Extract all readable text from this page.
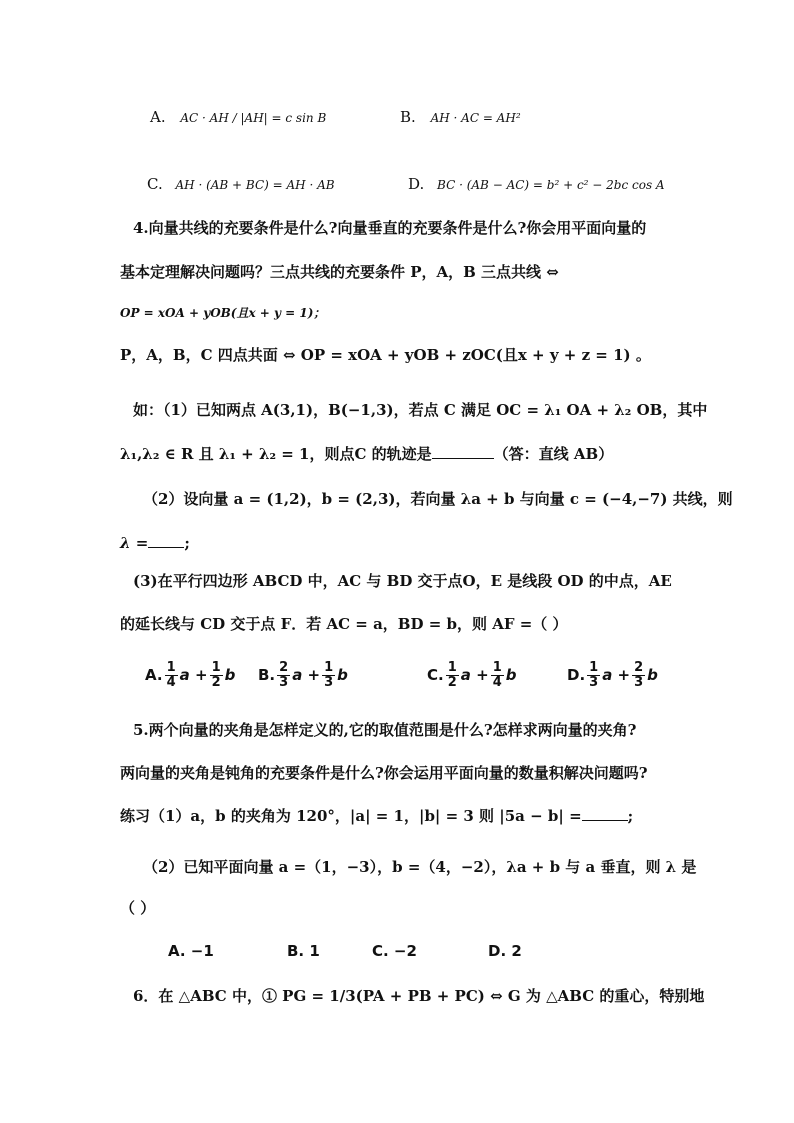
A. AC · AH / |AH| = c sin B	B. AH · AC = AH²
C. AH · (AB + BC) = AH · AB	D. BC · (AB − AC) = b² + c² − 2bc cos A
4.向量共线的充要条件是什么?向量垂直的充要条件是什么?你会用平面向量的
基本定理解决问题吗？三点共线的充要条件 P，A，B 三点共线 ⇔
OP = xOA + yOB(且x + y = 1)；
P，A，B，C 四点共面 ⇔ OP = xOA + yOB + zOC(且x + y + z = 1) 。
如：（1）已知两点 A(3,1)，B(−1,3)，若点 C 满足 OC = λ₁ OA + λ₂ OB，其中
λ₁,λ₂ ∈ R 且 λ₁ + λ₂ = 1，则点C 的轨迹是	（答：直线 AB）
（2）设向量 a = (1,2)，b = (2,3)，若向量 λa + b 与向量 c = (−4,−7) 共线，则
λ = ;
(3)在平行四边形 ABCD 中，AC 与 BD 交于点O，E 是线段 OD 的中点，AE
的延长线与 CD 交于点 F．若 AC = a，BD = b，则 AF =（ ）
A. $\frac{1}{4}$ $a + \frac{1}{2}$ b B. $\frac{2}{3}$ $a + \frac{1}{3}$ b	C. $\frac{1}{2}$ $a + \frac{1}{4}$ b	D. $\frac{1}{3}$ $a + \frac{2}{3}$ b
5.两个向量的夹角是怎样定义的,它的取值范围是什么?怎样求两向量的夹角?
两向量的夹角是钝角的充要条件是什么?你会运用平面向量的数量积解决问题吗?
练习（1）a，b 的夹角为 120°，|a| = 1，|b| = 3 则 |5a − b| =	;
（2）已知平面向量 a =（1，−3），b =（4，−2），λa + b 与 a 垂直，则 λ 是
（ ）
A. −1	B. 1	C. −2	D. 2
6．在 △ABC 中，① PG = 1/3(PA + PB + PC) ⇔ G 为 △ABC 的重心，特别地
